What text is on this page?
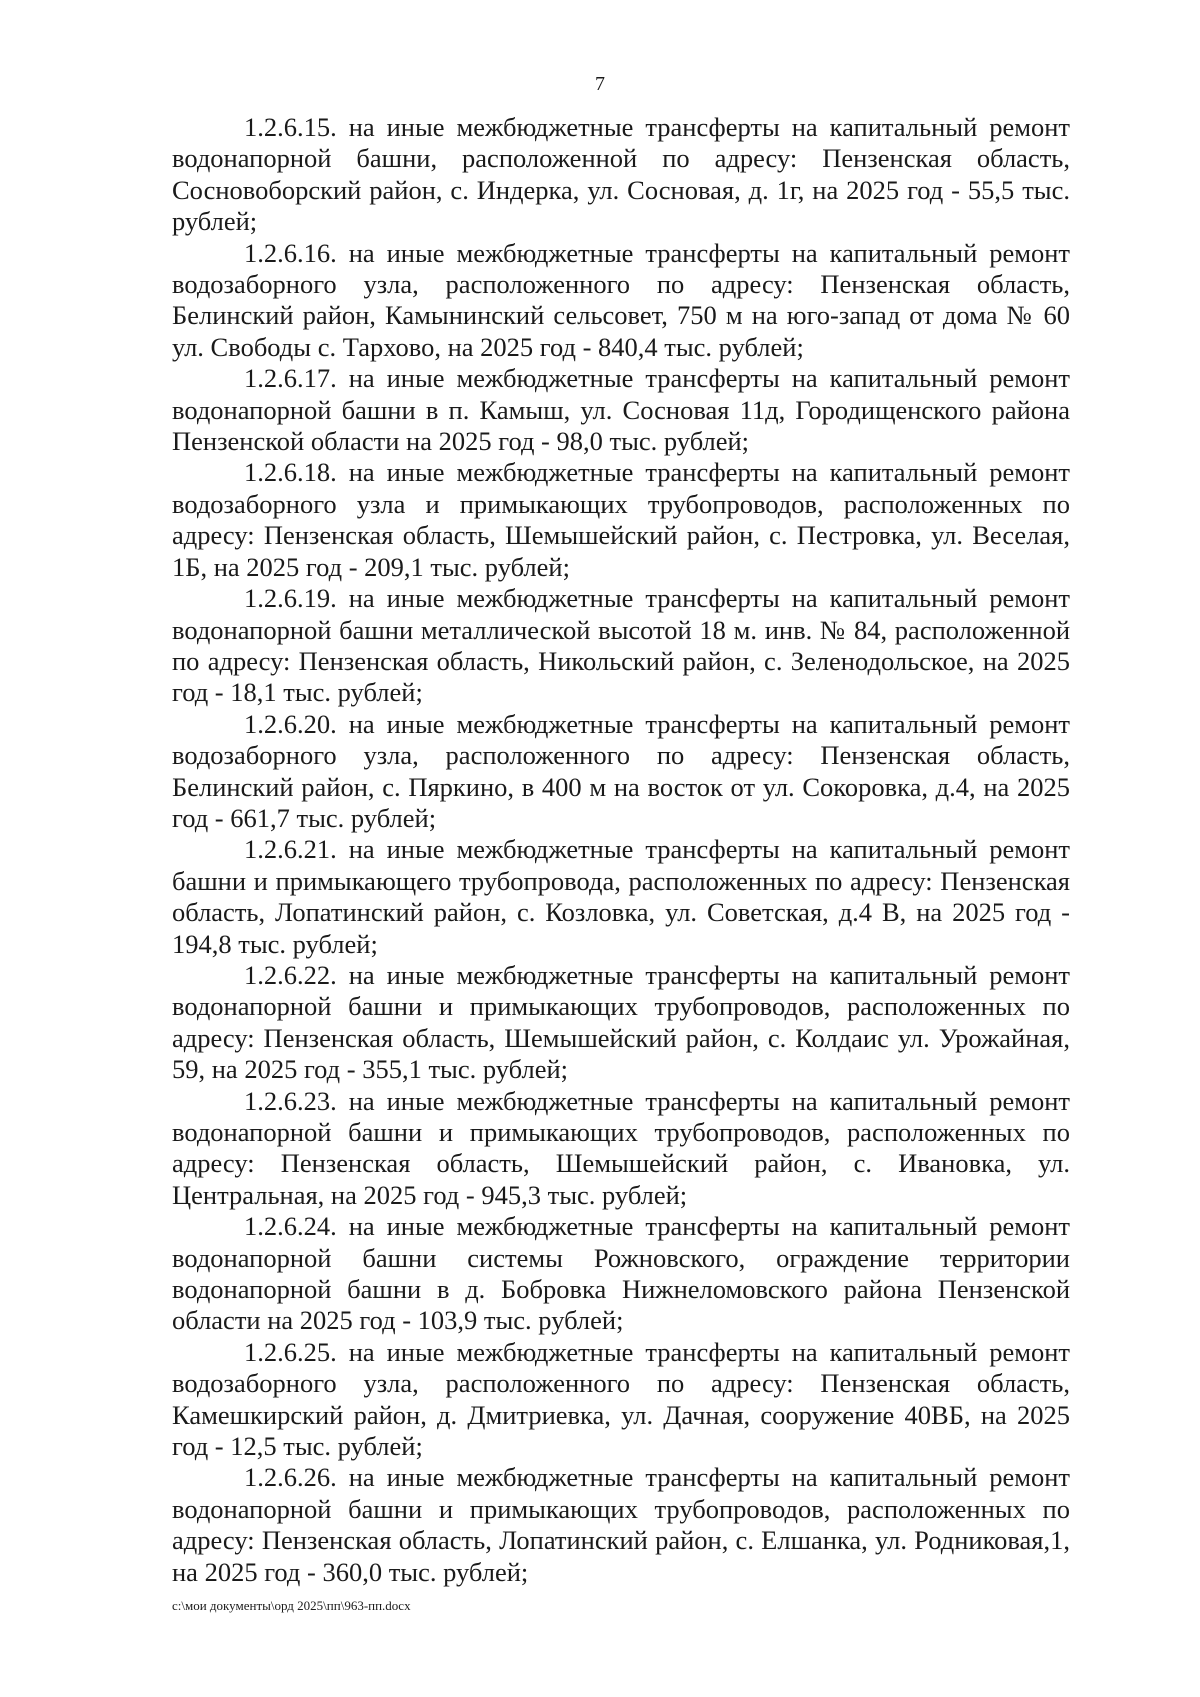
7

1.2.6.15. на иные межбюджетные трансферты на капитальный ремонт водонапорной башни, расположенной по адресу: Пензенская область, Сосновоборский район, с. Индерка, ул. Сосновая, д. 1г, на 2025 год - 55,5 тыс. рублей;

1.2.6.16. на иные межбюджетные трансферты на капитальный ремонт водозаборного узла, расположенного по адресу: Пензенская область, Белинский район, Камынинский сельсовет, 750 м на юго-запад от дома № 60 ул. Свободы с. Тархово, на 2025 год - 840,4 тыс. рублей;

1.2.6.17. на иные межбюджетные трансферты на капитальный ремонт водонапорной башни в п. Камыш, ул. Сосновая 11д, Городищенского района Пензенской области на 2025 год - 98,0 тыс. рублей;

1.2.6.18. на иные межбюджетные трансферты на капитальный ремонт водозаборного узла и примыкающих трубопроводов, расположенных по адресу: Пензенская область, Шемышейский район, с. Пестровка, ул. Веселая, 1Б, на 2025 год - 209,1 тыс. рублей;

1.2.6.19. на иные межбюджетные трансферты на капитальный ремонт водонапорной башни металлической высотой 18 м. инв. № 84, расположенной по адресу: Пензенская область, Никольский район, с. Зеленодольское, на 2025 год - 18,1 тыс. рублей;

1.2.6.20. на иные межбюджетные трансферты на капитальный ремонт водозаборного узла, расположенного по адресу: Пензенская область, Белинский район, с. Пяркино, в 400 м на восток от ул. Сокоровка, д.4, на 2025 год - 661,7 тыс. рублей;

1.2.6.21. на иные межбюджетные трансферты на капитальный ремонт башни и примыкающего трубопровода, расположенных по адресу: Пензенская область, Лопатинский район, с. Козловка, ул. Советская, д.4 В, на 2025 год - 194,8 тыс. рублей;

1.2.6.22. на иные межбюджетные трансферты на капитальный ремонт водонапорной башни и примыкающих трубопроводов, расположенных по адресу: Пензенская область, Шемышейский район, с. Колдаис ул. Урожайная, 59, на 2025 год - 355,1 тыс. рублей;

1.2.6.23. на иные межбюджетные трансферты на капитальный ремонт водонапорной башни и примыкающих трубопроводов, расположенных по адресу: Пензенская область, Шемышейский район, с. Ивановка, ул. Центральная, на 2025 год - 945,3 тыс. рублей;

1.2.6.24. на иные межбюджетные трансферты на капитальный ремонт водонапорной башни системы Рожновского, ограждение территории водонапорной башни в д. Бобровка Нижнеломовского района Пензенской области на 2025 год - 103,9 тыс. рублей;

1.2.6.25. на иные межбюджетные трансферты на капитальный ремонт водозаборного узла, расположенного по адресу: Пензенская область, Камешкирский район, д. Дмитриевка, ул. Дачная, сооружение 40ВБ, на 2025 год - 12,5 тыс. рублей;

1.2.6.26. на иные межбюджетные трансферты на капитальный ремонт водонапорной башни и примыкающих трубопроводов, расположенных по адресу: Пензенская область, Лопатинский район, с. Елшанка, ул. Родниковая,1, на 2025 год - 360,0 тыс. рублей;

c:\мои документы\орд 2025\пп\963-пп.docx
